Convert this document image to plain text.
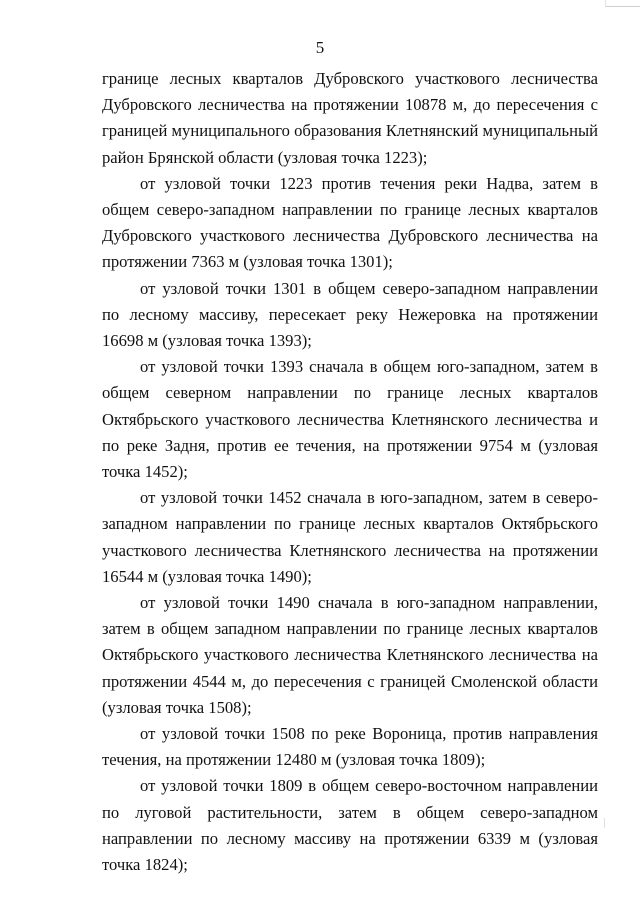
5

границе лесных кварталов Дубровского участкового лесничества Дубровского лесничества на протяжении 10878 м, до пересечения с границей муниципального образования Клетнянский муниципальный район Брянской области (узловая точка 1223);

от узловой точки 1223 против течения реки Надва, затем в общем северо-западном направлении по границе лесных кварталов Дубровского участкового лесничества Дубровского лесничества на протяжении 7363 м (узловая точка 1301);

от узловой точки 1301 в общем северо-западном направлении по лесному массиву, пересекает реку Нежеровка на протяжении 16698 м (узловая точка 1393);

от узловой точки 1393 сначала в общем юго-западном, затем в общем северном направлении по границе лесных кварталов Октябрьского участкового лесничества Клетнянского лесничества и по реке Задня, против ее течения, на протяжении 9754 м (узловая точка 1452);

от узловой точки 1452 сначала в юго-западном, затем в северо-западном направлении по границе лесных кварталов Октябрьского участкового лесничества Клетнянского лесничества на протяжении 16544 м (узловая точка 1490);

от узловой точки 1490 сначала в юго-западном направлении, затем в общем западном направлении по границе лесных кварталов Октябрьского участкового лесничества Клетнянского лесничества на протяжении 4544 м, до пересечения с границей Смоленской области (узловая точка 1508);

от узловой точки 1508 по реке Вороница, против направления течения, на протяжении 12480 м (узловая точка 1809);

от узловой точки 1809 в общем северо-восточном направлении по луговой растительности, затем в общем северо-западном направлении по лесному массиву на протяжении 6339 м (узловая точка 1824);
